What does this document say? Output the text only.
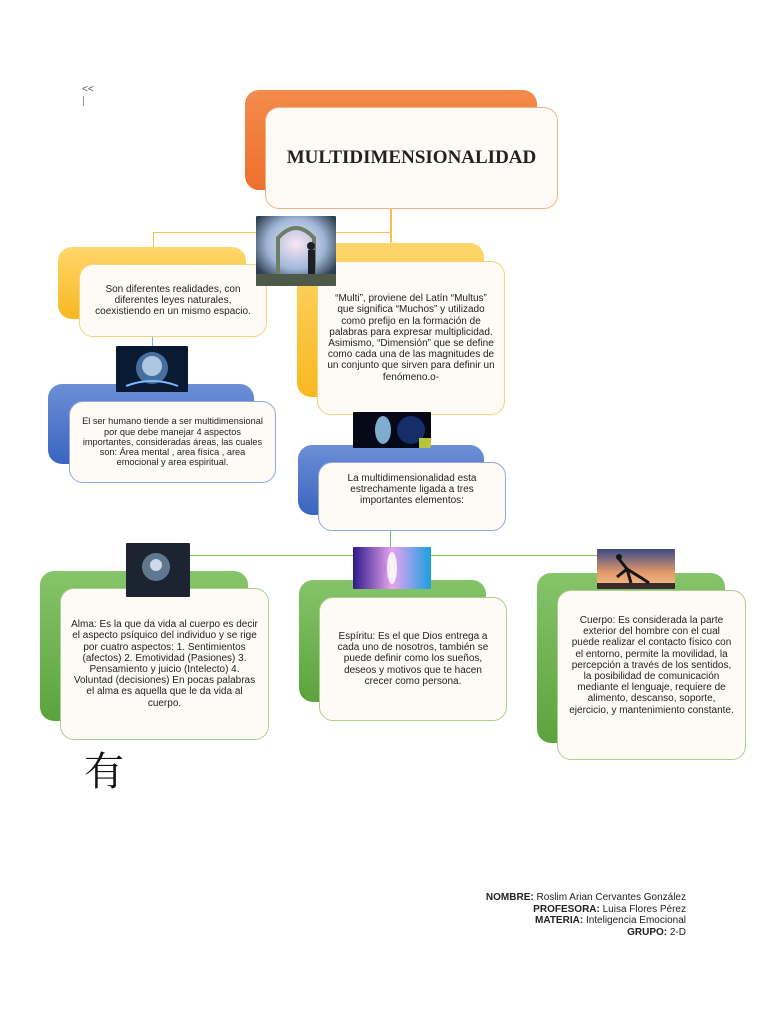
<<
MULTIDIMENSIONALIDAD
Son diferentes realidades, con diferentes leyes naturales, coexistiendo en un mismo espacio.
“Multi”, proviene del Latín “Multus” que significa “Muchos” y utilizado como prefijo en la formación de palabras para expresar multiplicidad. Asimismo, “Dimensión” que se define como cada una de las magnitudes de un conjunto que sirven para definir un fenómeno.o-
El ser humano tiende a ser multidimensional por que debe manejar 4 aspectos importantes, consideradas áreas, las cuales son: Área mental , area física , area emocional y area espiritual.
La multidimensionalidad esta estrechamente ligada a tres importantes elementos:
Alma: Es la que da vida al cuerpo es decir el aspecto psíquico del individuo y se rige por cuatro aspectos: 1. Sentimientos (afectos) 2. Emotividad (Pasiones) 3. Pensamiento y juicio (Intelecto) 4. Voluntad (decisiones) En pocas palabras el alma es aquella que le da vida al cuerpo.
Espíritu: Es el que Dios entrega a cada uno de nosotros, también se puede definir como los sueños, deseos y motivos que te hacen crecer como persona.
Cuerpo: Es considerada la parte exterior del hombre con el cual puede realizar el contacto físico con el entorno, permite la movilidad, la percepción a través de los sentidos, la posibilidad de comunicación mediante el lenguaje, requiere de alimento, descanso, soporte, ejercicio, y mantenimiento constante.
有
NOMBRE: Roslim Arian Cervantes González
PROFESORA: Luisa Flores Pérez
MATERIA: Inteligencia Emocional
GRUPO: 2-D
